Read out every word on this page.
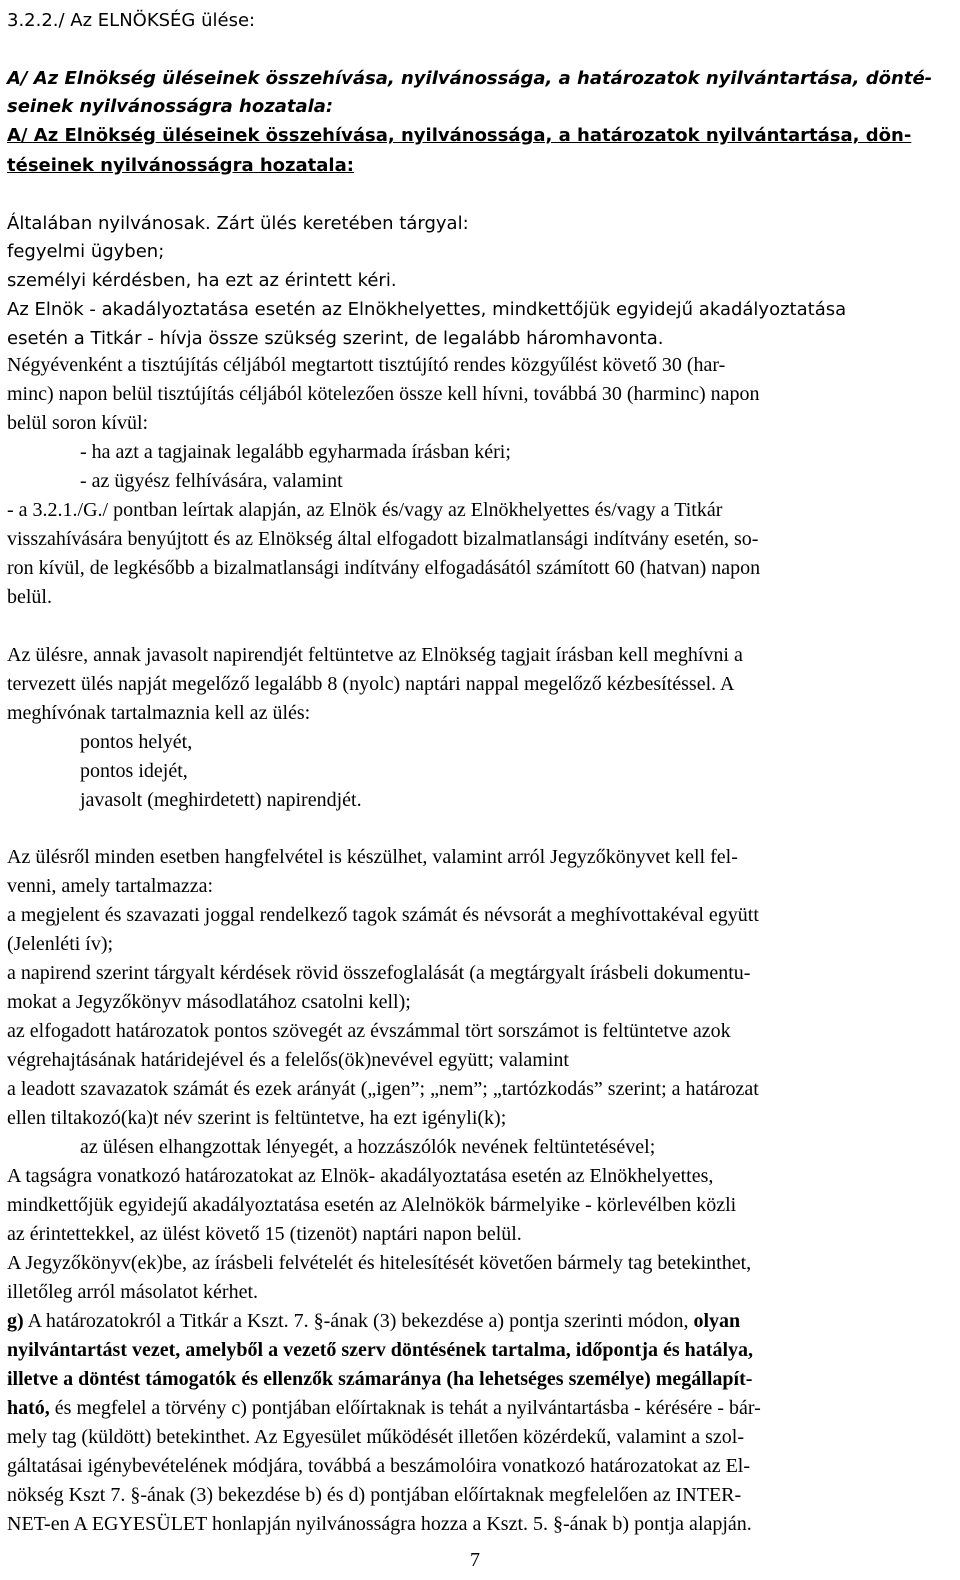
3.2.2./ Az ELNÖKSÉG ülése:
A/ Az Elnökség üléseinek összehívása, nyilvánossága, a határozatok nyilvántartása, dönté-
seinek nyilvánosságra hozatala:
A/ Az Elnökség üléseinek összehívása, nyilvánossága, a határozatok nyilvántartása, dön-
téseinek nyilvánosságra hozatala:
Általában nyilvánosak. Zárt ülés keretében tárgyal:
fegyelmi ügyben;
személyi kérdésben, ha ezt az érintett kéri.
Az Elnök - akadályoztatása esetén az Elnökhelyettes, mindkettőjük egyidejű akadályoztatása
esetén a Titkár - hívja össze szükség szerint, de legalább háromhavonta.
Négyévenként a tisztújítás céljából megtartott tisztújító rendes közgyűlést követő 30 (har-
minc) napon belül tisztújítás céljából kötelezően össze kell hívni, továbbá 30 (harminc) napon
belül soron kívül:
- ha azt a tagjainak legalább egyharmada írásban kéri;
- az ügyész felhívására, valamint
- a 3.2.1./G./ pontban leírtak alapján, az Elnök és/vagy az Elnökhelyettes és/vagy a Titkár
visszahívására benyújtott és az Elnökség által elfogadott bizalmatlansági indítvány esetén, so-
ron kívül, de legkésőbb a bizalmatlansági indítvány elfogadásától számított 60 (hatvan) napon
belül.
Az ülésre, annak javasolt napirendjét feltüntetve az Elnökség tagjait írásban kell meghívni a
tervezett ülés napját megelőző legalább 8 (nyolc) naptári nappal megelőző kézbesítéssel. A
meghívónak tartalmaznia kell az ülés:
pontos helyét,
pontos idejét,
javasolt (meghirdetett) napirendjét.
Az ülésről minden esetben hangfelvétel is készülhet, valamint arról Jegyzőkönyvet kell fel-
venni, amely tartalmazza:
a megjelent és szavazati joggal rendelkező tagok számát és névsorát a meghívottakéval együtt
(Jelenléti ív);
a napirend szerint tárgyalt kérdések rövid összefoglalását (a megtárgyalt írásbeli dokumentu-
mokat a Jegyzőkönyv másodlatához csatolni kell);
az elfogadott határozatok pontos szövegét az évszámmal tört sorszámot is feltüntetve azok
végrehajtásának határidejével és a felelős(ök)nevével együtt; valamint
a leadott szavazatok számát és ezek arányát („igen”; „nem”; „tartózkodás” szerint; a határozat
ellen tiltakozó(ka)t név szerint is feltüntetve, ha ezt igényli(k);
az ülésen elhangzottak lényegét, a hozzászólók nevének feltüntetésével;
A tagságra vonatkozó határozatokat az Elnök- akadályoztatása esetén az Elnökhelyettes,
mindkettőjük egyidejű akadályoztatása esetén az Alelnökök bármelyike - körlevélben közli
az érintettekkel, az ülést követő 15 (tizenöt) naptári napon belül.
A Jegyzőkönyv(ek)be, az írásbeli felvételét és hitelesítését követően bármely tag betekinthet,
illetőleg arról másolatot kérhet.
g) A határozatokról a Titkár a Kszt. 7. §-ának (3) bekezdése a) pontja szerinti módon, olyan
nyilvántartást vezet, amelyből a vezető szerv döntésének tartalma, időpontja és hatálya,
illetve a döntést támogatók és ellenzők számaránya (ha lehetséges személye) megállapít-
ható, és megfelel a törvény c) pontjában előírtaknak is tehát a nyilvántartásba - kérésére - bár-
mely tag (küldött) betekinthet. Az Egyesület működését illetően közérdekű, valamint a szol-
gáltatásai igénybevételének módjára, továbbá a beszámolóira vonatkozó határozatokat az El-
nökség Kszt 7. §-ának (3) bekezdése b) és d) pontjában előírtaknak megfelelően az INTER-
NET-en A EGYESÜLET honlapján nyilvánosságra hozza a Kszt. 5. §-ának b) pontja alapján.
7
